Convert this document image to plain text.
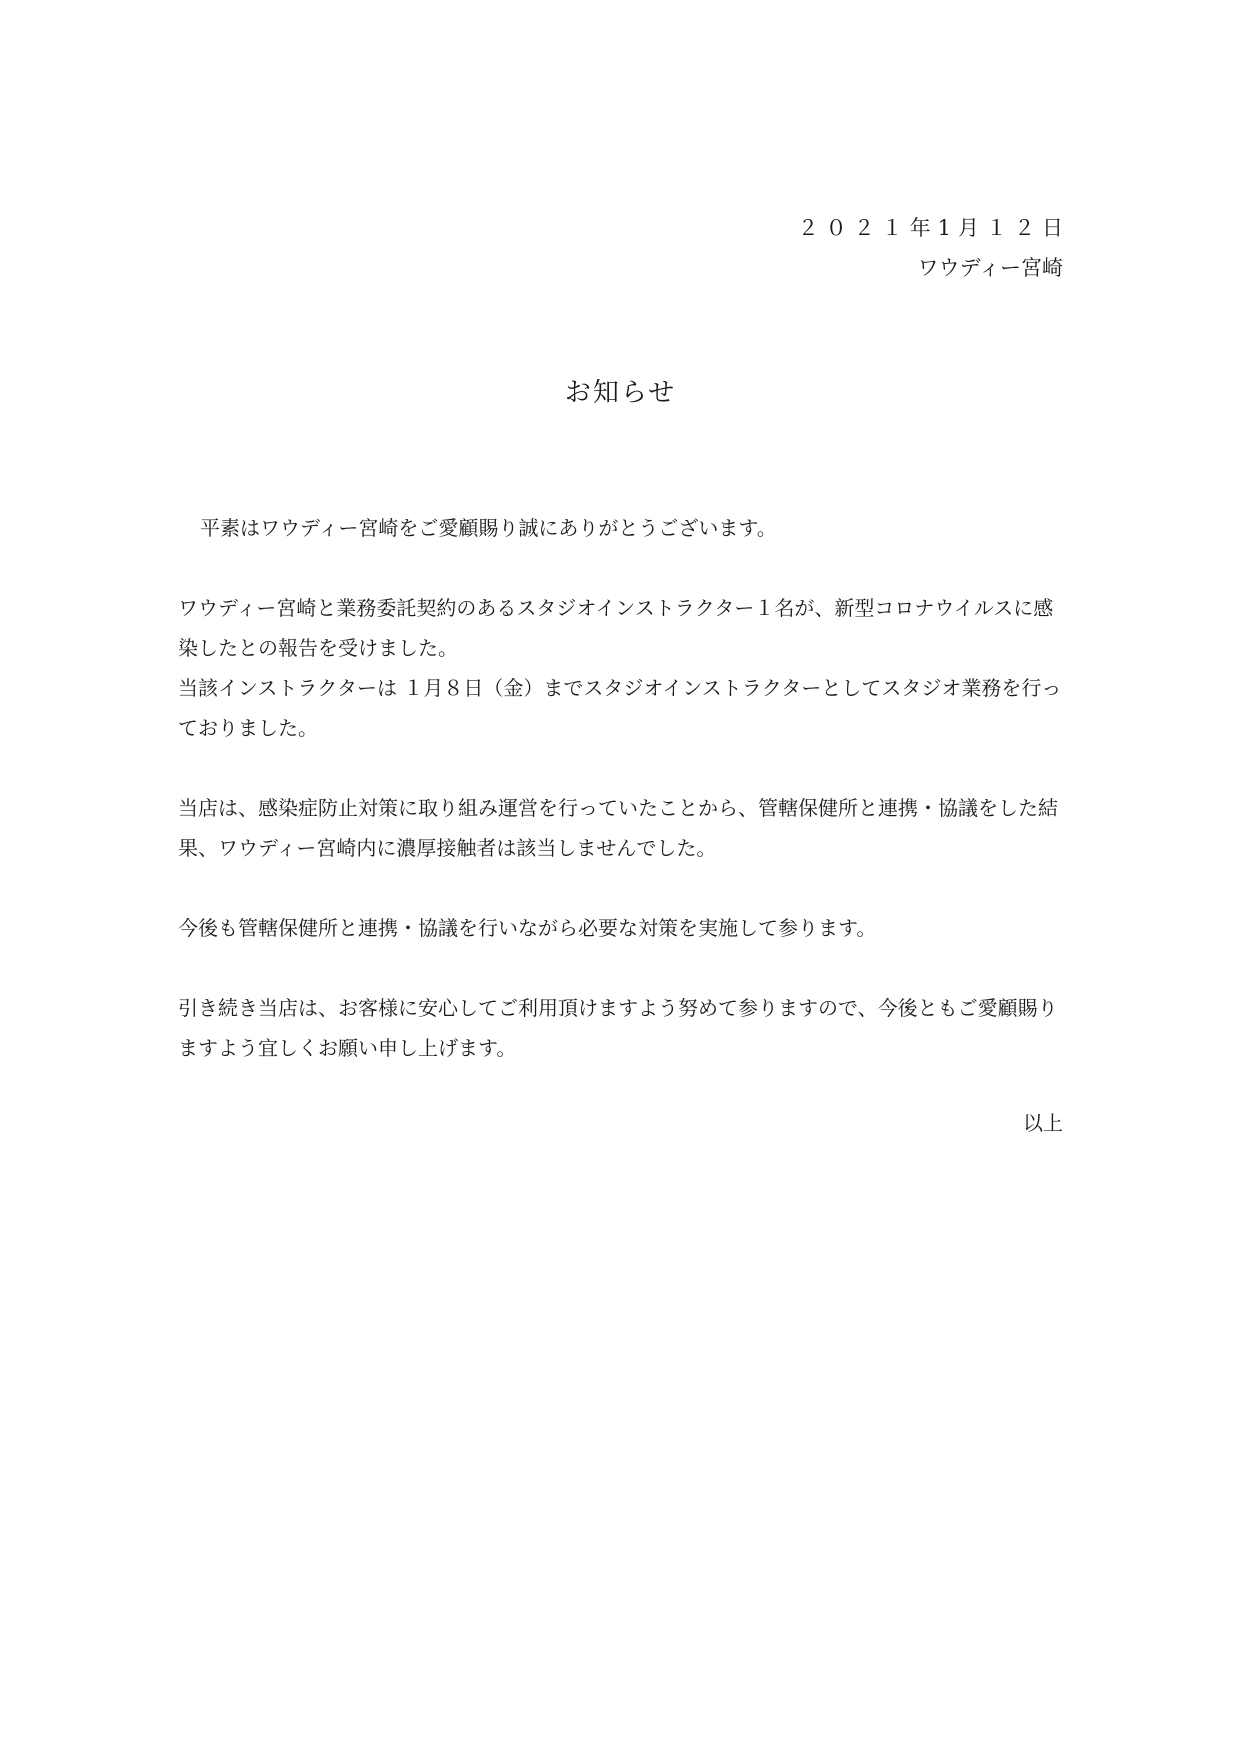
２０２１年1月１２日
ワウディー宮崎
お知らせ

平素はワウディー宮崎をご愛顧賜り誠にありがとうございます。

ワウディー宮崎と業務委託契約のあるスタジオインストラクター１名が、新型コロナウイルスに感染したとの報告を受けました。
当該インストラクターは １月８日（金）までスタジオインストラクターとしてスタジオ業務を行っておりました。

当店は、感染症防止対策に取り組み運営を行っていたことから、管轄保健所と連携・協議をした結果、ワウディー宮崎内に濃厚接触者は該当しませんでした。

今後も管轄保健所と連携・協議を行いながら必要な対策を実施して参ります。

引き続き当店は、お客様に安心してご利用頂けますよう努めて参りますので、今後ともご愛顧賜りますよう宜しくお願い申し上げます。

以上
